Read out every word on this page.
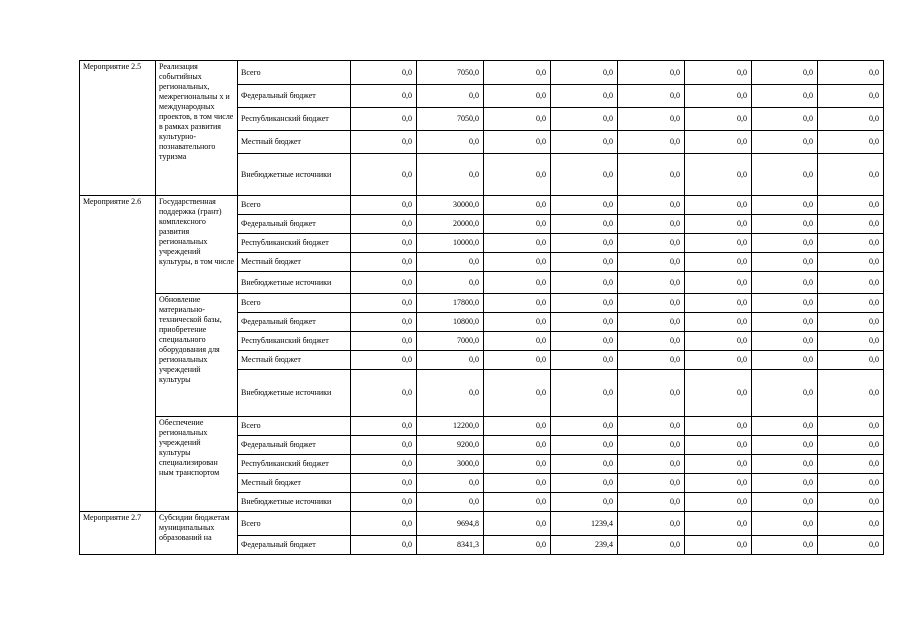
Мероприятие 2.5	Реализация событийных региональных, межрегиональны х и международных проектов, в том числе в рамках развития культурно-познавательного туризма	Всего	0,0	7050,0	0,0	0,0	0,0	0,0	0,0	0,0
		Федеральный бюджет	0,0	0,0	0,0	0,0	0,0	0,0	0,0	0,0
		Республиканский бюджет	0,0	7050,0	0,0	0,0	0,0	0,0	0,0	0,0
		Местный бюджет	0,0	0,0	0,0	0,0	0,0	0,0	0,0	0,0
		Внебюджетные источники	0,0	0,0	0,0	0,0	0,0	0,0	0,0	0,0
Мероприятие 2.6	Государственная поддержка (грант) комплексного развития региональных учреждений культуры, в том числе	Всего	0,0	30000,0	0,0	0,0	0,0	0,0	0,0	0,0
		Федеральный бюджет	0,0	20000,0	0,0	0,0	0,0	0,0	0,0	0,0
		Республиканский бюджет	0,0	10000,0	0,0	0,0	0,0	0,0	0,0	0,0
		Местный бюджет	0,0	0,0	0,0	0,0	0,0	0,0	0,0	0,0
		Внебюджетные источники	0,0	0,0	0,0	0,0	0,0	0,0	0,0	0,0

	Обновление материально-технической базы, приобретение специального оборудования для региональных учреждений культуры	Всего	0,0	17800,0	0,0	0,0	0,0	0,0	0,0	0,0
		Федеральный бюджет	0,0	10800,0	0,0	0,0	0,0	0,0	0,0	0,0
		Республиканский бюджет	0,0	7000,0	0,0	0,0	0,0	0,0	0,0	0,0
		Местный бюджет	0,0	0,0	0,0	0,0	0,0	0,0	0,0	0,0
		Внебюджетные источники	0,0	0,0	0,0	0,0	0,0	0,0	0,0	0,0

	Обеспечение региональных учреждений культуры специализирован ным транспортом	Всего	0,0	12200,0	0,0	0,0	0,0	0,0	0,0	0,0
		Федеральный бюджет	0,0	9200,0	0,0	0,0	0,0	0,0	0,0	0,0
		Республиканский бюджет	0,0	3000,0	0,0	0,0	0,0	0,0	0,0	0,0
		Местный бюджет	0,0	0,0	0,0	0,0	0,0	0,0	0,0	0,0
		Внебюджетные источники	0,0	0,0	0,0	0,0	0,0	0,0	0,0	0,0
Мероприятие 2.7	Субсидии бюджетам муниципальных образований на	Всего	0,0	9694,8	0,0	1239,4	0,0	0,0	0,0	0,0
		Федеральный бюджет	0,0	8341,3	0,0	239,4	0,0	0,0	0,0	0,0
